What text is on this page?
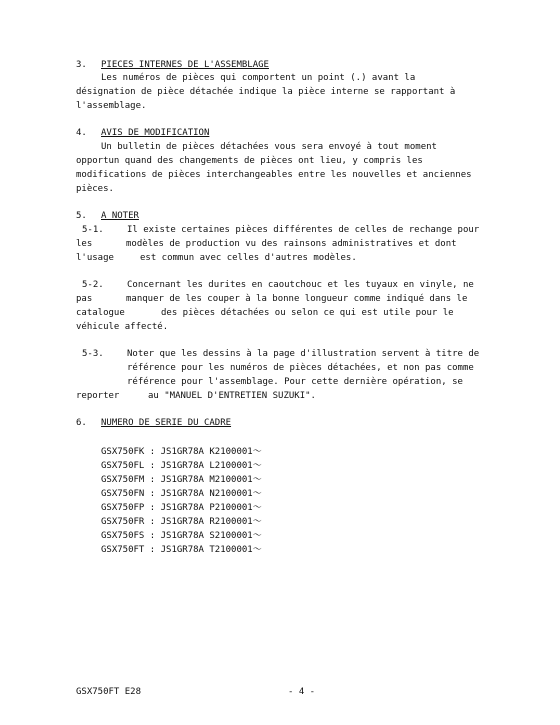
3. PIECES INTERNES DE L'ASSEMBLAGE
Les numéros de pièces qui comportent un point (.) avant la
désignation de pièce détachée indique la pièce interne se rapportant à
l'assemblage.
4. AVIS DE MODIFICATION
Un bulletin de pièces détachées vous sera envoyé à tout moment
opportun quand des changements de pièces ont lieu, y compris les
modifications de pièces interchangeables entre les nouvelles et anciennes
pièces.
5. A NOTER
5-1.	Il existe certaines pièces différentes de celles de rechange pour
les	modèles de production vu des rainsons administratives et dont
l'usage	est commun avec celles d'autres modèles.
5-2.	Concernant les durites en caoutchouc et les tuyaux en vinyle, ne
pas	manquer de les couper à la bonne longueur comme indiqué dans le
catalogue	des pièces détachées ou selon ce qui est utile pour le
véhicule affecté.
5-3.	Noter que les dessins à la page d'illustration servent à titre de
référence pour les numéros de pièces détachées, et non pas comme
référence pour l'assemblage. Pour cette dernière opération, se
reporter	au "MANUEL D'ENTRETIEN SUZUKI".
6. NUMERO DE SERIE DU CADRE
GSX750FK : JS1GR78A K2100001～
GSX750FL : JS1GR78A L2100001～
GSX750FM : JS1GR78A M2100001～
GSX750FN : JS1GR78A N2100001～
GSX750FP : JS1GR78A P2100001～
GSX750FR : JS1GR78A R2100001～
GSX750FS : JS1GR78A S2100001～
GSX750FT : JS1GR78A T2100001～
GSX750FT E28	- 4 -
